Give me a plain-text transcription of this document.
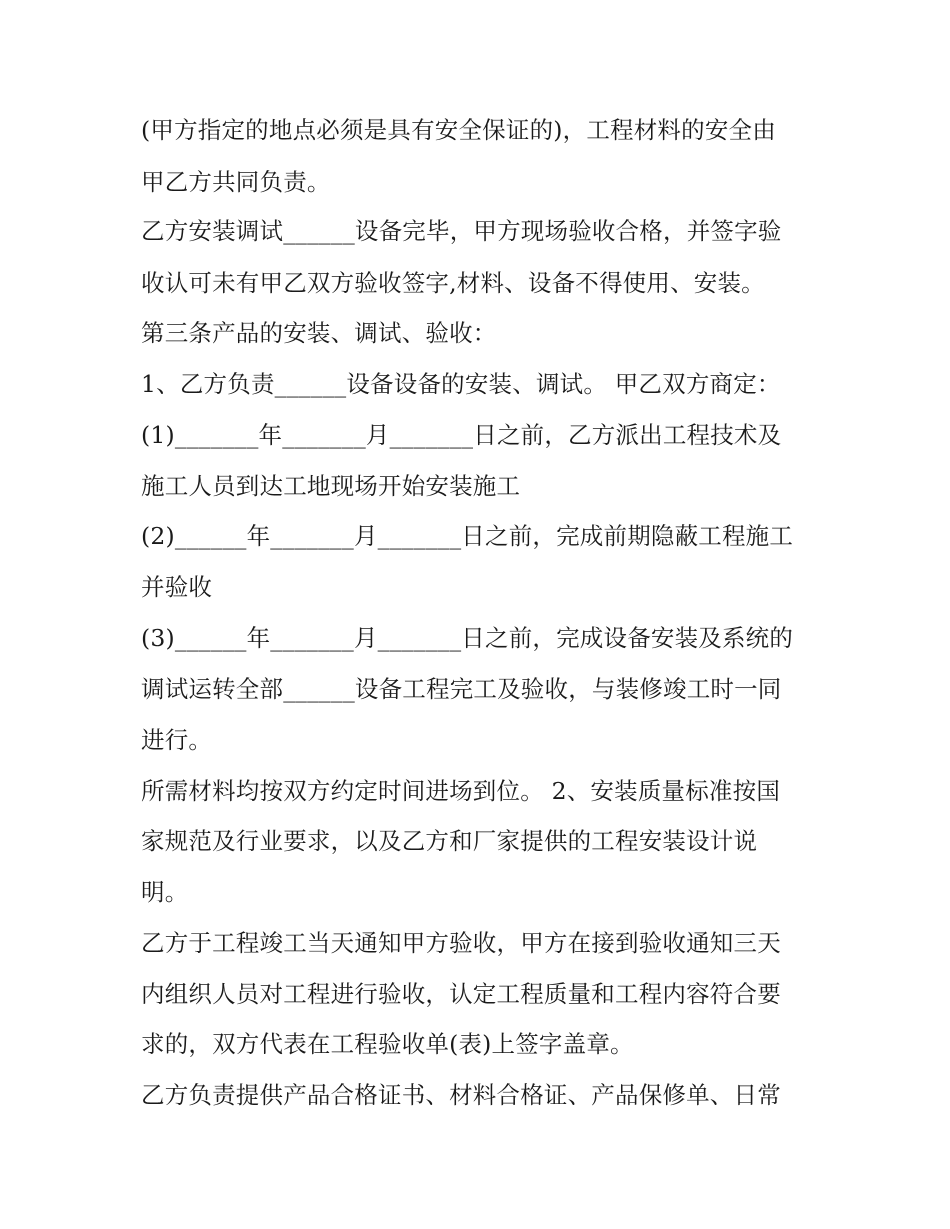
(甲方指定的地点必须是具有安全保证的)，工程材料的安全由
甲乙方共同负责。
乙方安装调试______设备完毕，甲方现场验收合格，并签字验
收认可未有甲乙双方验收签字,材料、设备不得使用、安装。
第三条产品的安装、调试、验收：
1、乙方负责______设备设备的安装、调试。 甲乙双方商定：
(1)_______年_______月_______日之前，乙方派出工程技术及
施工人员到达工地现场开始安装施工
(2)______年_______月_______日之前，完成前期隐蔽工程施工
并验收
(3)______年_______月_______日之前，完成设备安装及系统的
调试运转全部______设备工程完工及验收，与装修竣工时一同
进行。
所需材料均按双方约定时间进场到位。 2、安装质量标准按国
家规范及行业要求，以及乙方和厂家提供的工程安装设计说
明。
乙方于工程竣工当天通知甲方验收，甲方在接到验收通知三天
内组织人员对工程进行验收，认定工程质量和工程内容符合要
求的，双方代表在工程验收单(表)上签字盖章。
乙方负责提供产品合格证书、材料合格证、产品保修单、日常
